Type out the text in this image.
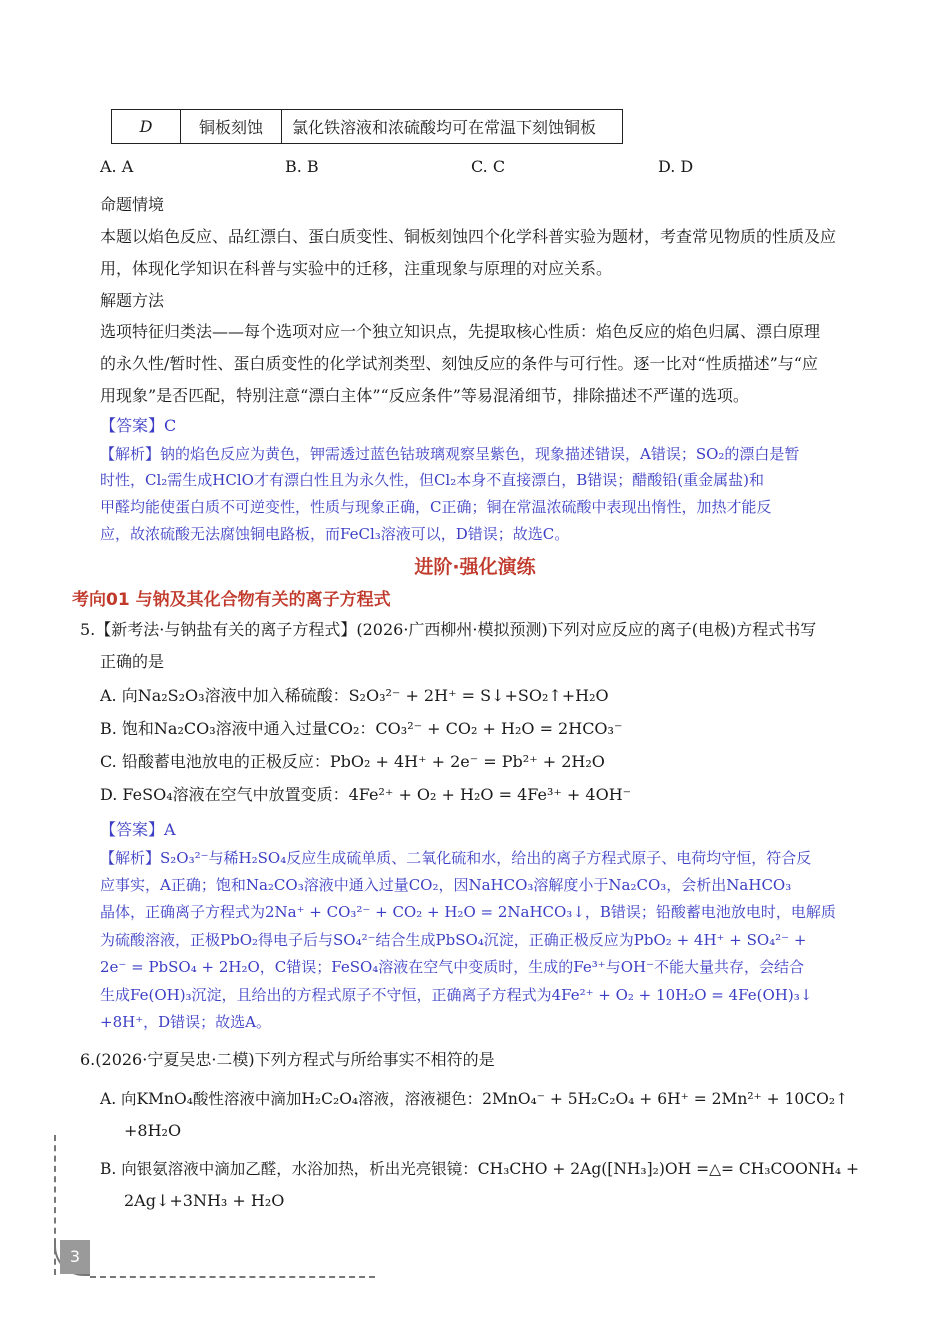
D	铜板刻蚀	氯化铁溶液和浓硫酸均可在常温下刻蚀铜板
A. A	B. B	C. C	D. D
命题情境
本题以焰色反应、品红漂白、蛋白质变性、铜板刻蚀四个化学科普实验为题材，考查常见物质的性质及应
用，体现化学知识在科普与实验中的迁移，注重现象与原理的对应关系。
解题方法
选项特征归类法——每个选项对应一个独立知识点，先提取核心性质：焰色反应的焰色归属、漂白原理
的永久性/暂时性、蛋白质变性的化学试剂类型、刻蚀反应的条件与可行性。逐一比对“性质描述”与“应
用现象”是否匹配，特别注意“漂白主体”“反应条件”等易混淆细节，排除描述不严谨的选项。
【答案】C
【解析】钠的焰色反应为黄色，钾需透过蓝色钴玻璃观察呈紫色，现象描述错误，A错误；SO₂的漂白是暂
时性，Cl₂需生成HClO才有漂白性且为永久性，但Cl₂本身不直接漂白，B错误；醋酸铅(重金属盐)和
甲醛均能使蛋白质不可逆变性，性质与现象正确，C正确；铜在常温浓硫酸中表现出惰性，加热才能反
应，故浓硫酸无法腐蚀铜电路板，而FeCl₃溶液可以，D错误；故选C。
进阶·强化演练
考向01 与钠及其化合物有关的离子方程式
5.【新考法·与钠盐有关的离子方程式】(2026·广西柳州·模拟预测)下列对应反应的离子(电极)方程式书写
正确的是
A. 向Na₂S₂O₃溶液中加入稀硫酸：S₂O₃²⁻ + 2H⁺ = S↓+SO₂↑+H₂O
B. 饱和Na₂CO₃溶液中通入过量CO₂：CO₃²⁻ + CO₂ + H₂O = 2HCO₃⁻
C. 铅酸蓄电池放电的正极反应：PbO₂ + 4H⁺ + 2e⁻ = Pb²⁺ + 2H₂O
D. FeSO₄溶液在空气中放置变质：4Fe²⁺ + O₂ + H₂O = 4Fe³⁺ + 4OH⁻
【答案】A
【解析】S₂O₃²⁻与稀H₂SO₄反应生成硫单质、二氧化硫和水，给出的离子方程式原子、电荷均守恒，符合反
应事实，A正确；饱和Na₂CO₃溶液中通入过量CO₂，因NaHCO₃溶解度小于Na₂CO₃，会析出NaHCO₃
晶体，正确离子方程式为2Na⁺ + CO₃²⁻ + CO₂ + H₂O = 2NaHCO₃↓，B错误；铅酸蓄电池放电时，电解质
为硫酸溶液，正极PbO₂得电子后与SO₄²⁻结合生成PbSO₄沉淀，正确正极反应为PbO₂ + 4H⁺ + SO₄²⁻ +
2e⁻ = PbSO₄ + 2H₂O，C错误；FeSO₄溶液在空气中变质时，生成的Fe³⁺与OH⁻不能大量共存，会结合
生成Fe(OH)₃沉淀，且给出的方程式原子不守恒，正确离子方程式为4Fe²⁺ + O₂ + 10H₂O = 4Fe(OH)₃↓
+8H⁺，D错误；故选A。
6.(2026·宁夏吴忠·二模)下列方程式与所给事实不相符的是
A. 向KMnO₄酸性溶液中滴加H₂C₂O₄溶液，溶液褪色：2MnO₄⁻ + 5H₂C₂O₄ + 6H⁺ = 2Mn²⁺ + 10CO₂↑
+8H₂O
B. 向银氨溶液中滴加乙醛，水浴加热，析出光亮银镜：CH₃CHO + 2Ag([NH₃]₂)OH =△= CH₃COONH₄ +
2Ag↓+3NH₃ + H₂O
3
